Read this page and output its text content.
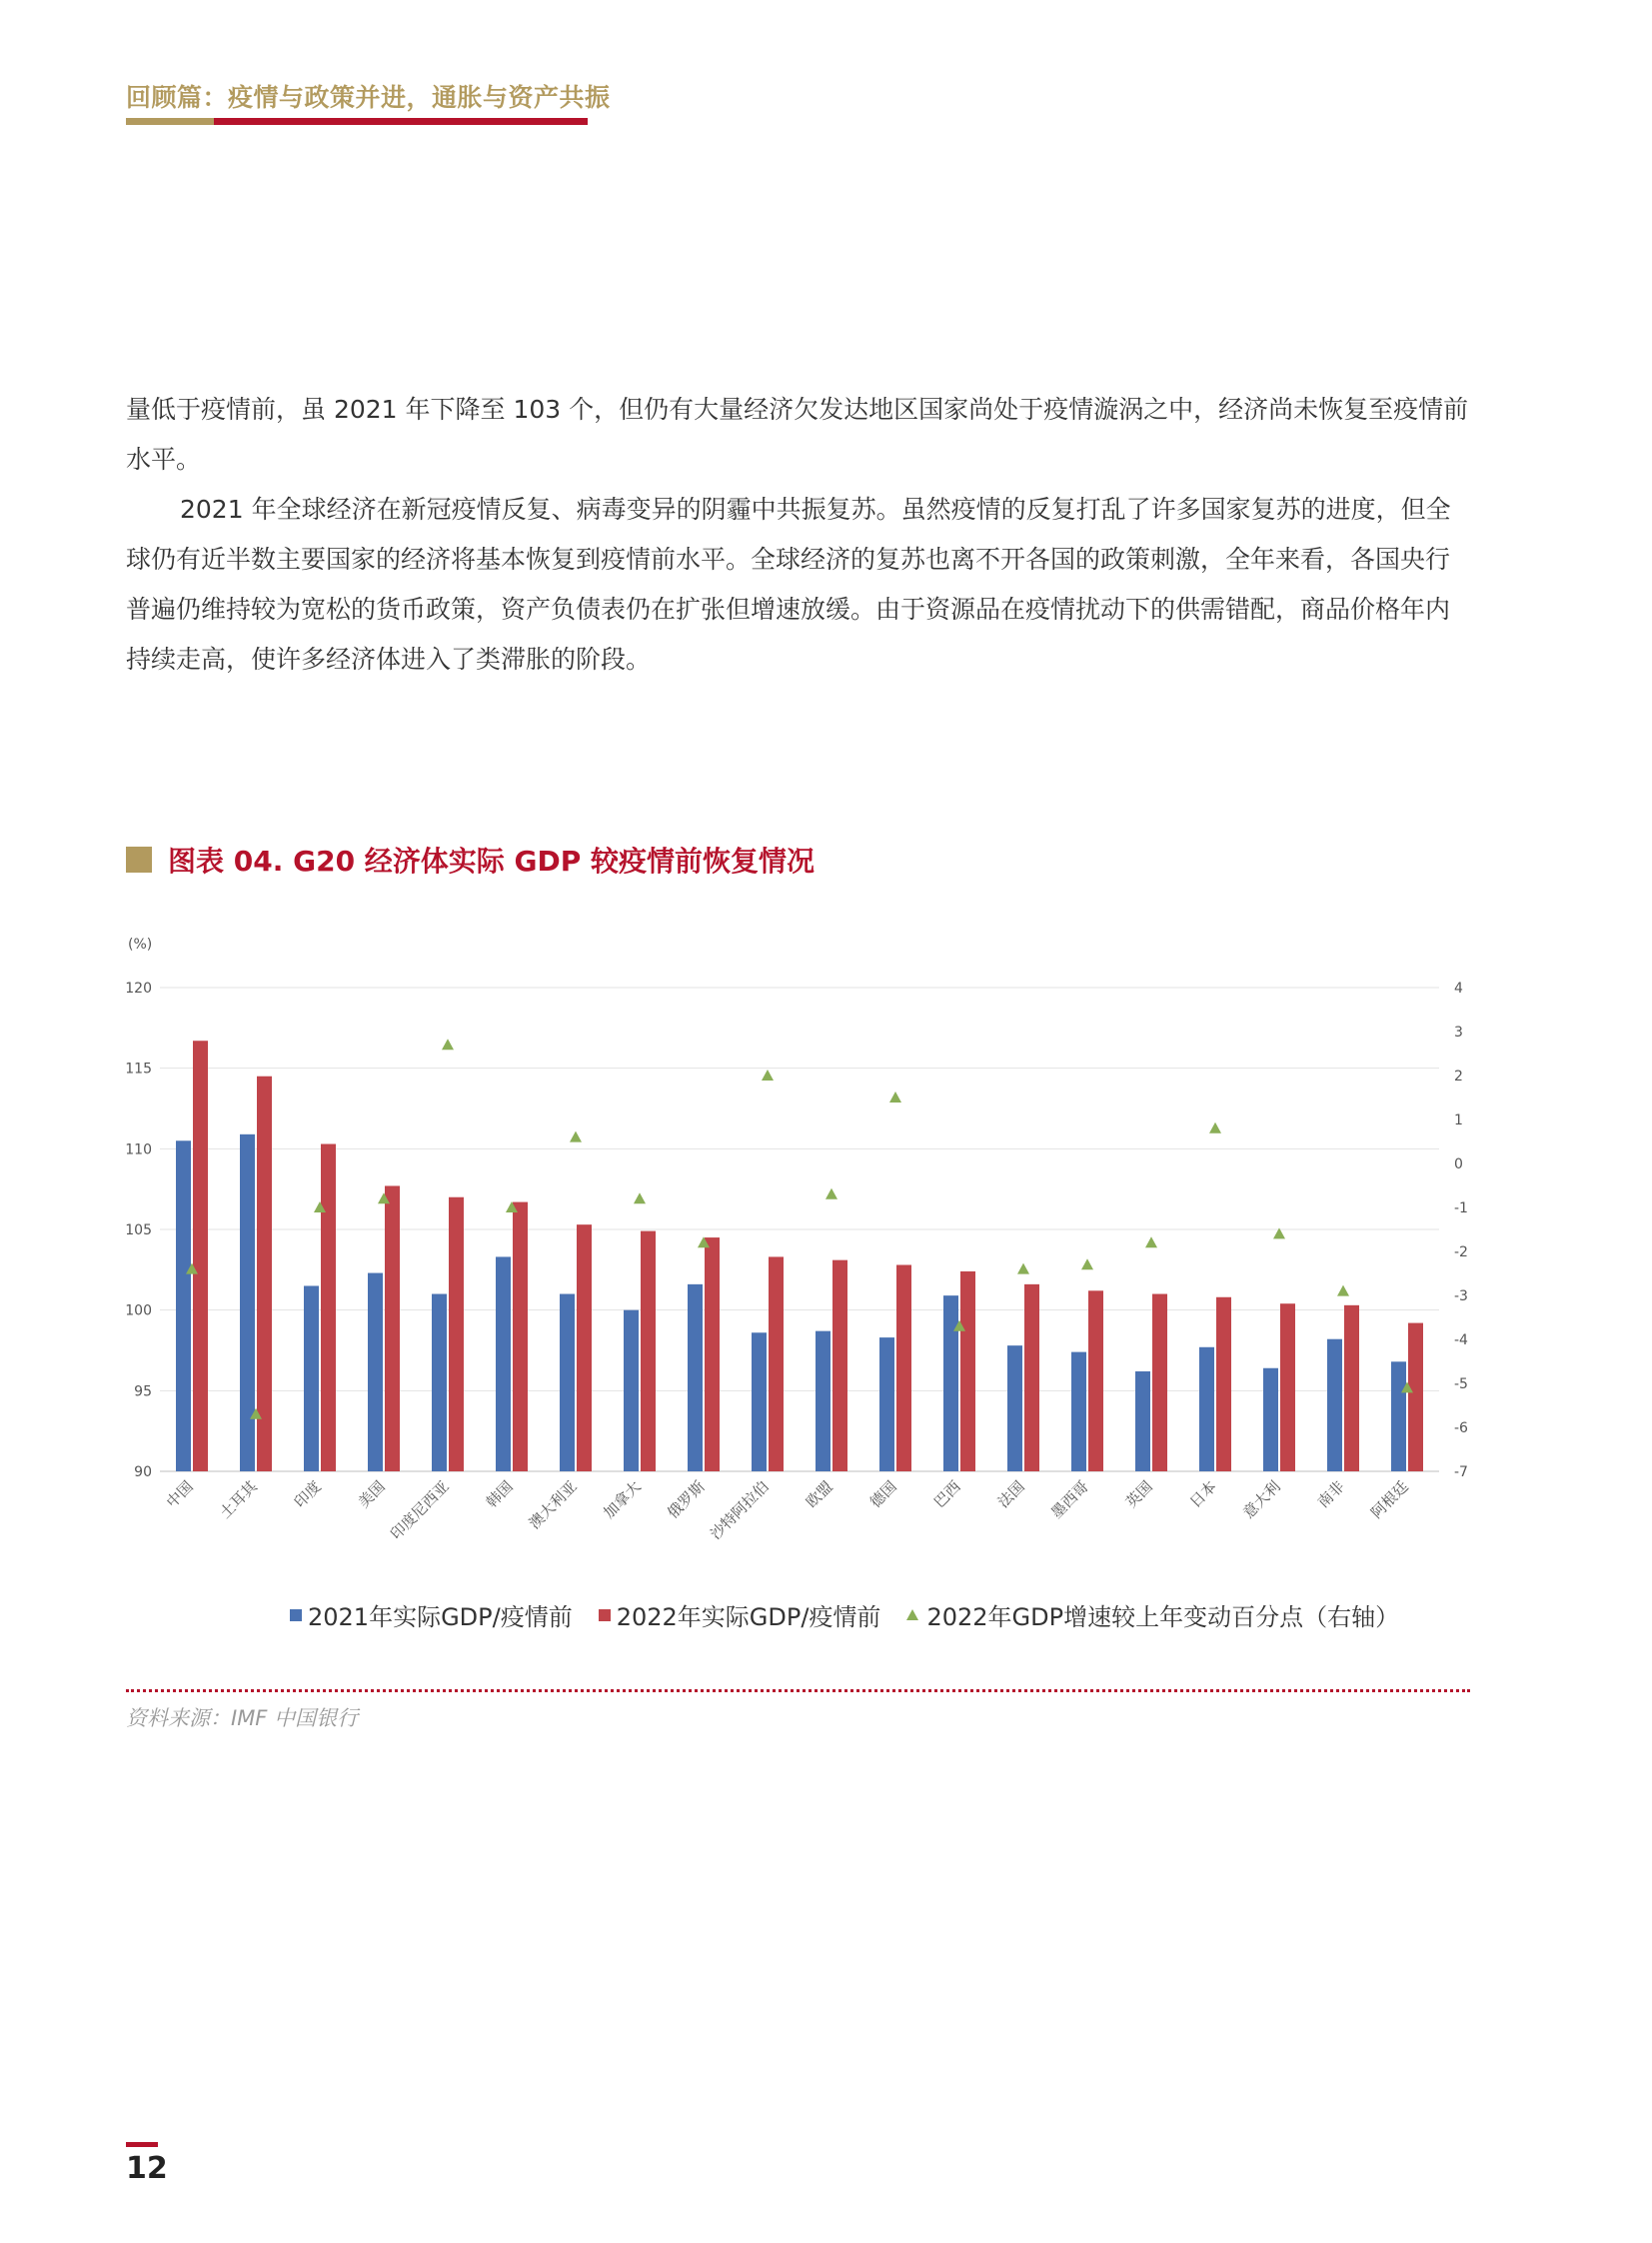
回顾篇：疫情与政策并进，通胀与资产共振

量低于疫情前，虽 2021 年下降至 103 个，但仍有大量经济欠发达地区国家尚处于疫情漩涡之中，经济尚未恢复至疫情前水平。

2021 年全球经济在新冠疫情反复、病毒变异的阴霾中共振复苏。虽然疫情的反复打乱了许多国家复苏的进度，但全球仍有近半数主要国家的经济将基本恢复到疫情前水平。全球经济的复苏也离不开各国的政策刺激，全年来看，各国央行普遍仍维持较为宽松的货币政策，资产负债表仍在扩张但增速放缓。由于资源品在疫情扰动下的供需错配，商品价格年内持续走高，使许多经济体进入了类滞胀的阶段。

图表 04. G20 经济体实际 GDP 较疫情前恢复情况
(%)
90
95
100
105
110
115
120
-7
-6
-5
-4
-3
-2
-1
0
1
2
3
4
中国 土耳其 印度 美国
印度尼西亚 韩国 澳大利亚 加拿大 俄罗斯
沙特阿拉伯 欧盟 德国 巴西 法国 墨西哥 英国 日本 意大利 南非 阿根廷
2021年实际GDP/疫情前 2022年实际GDP/疫情前 2022年GDP增速较上年变动百分点（右轴）
资料来源：IMF 中国银行
12
